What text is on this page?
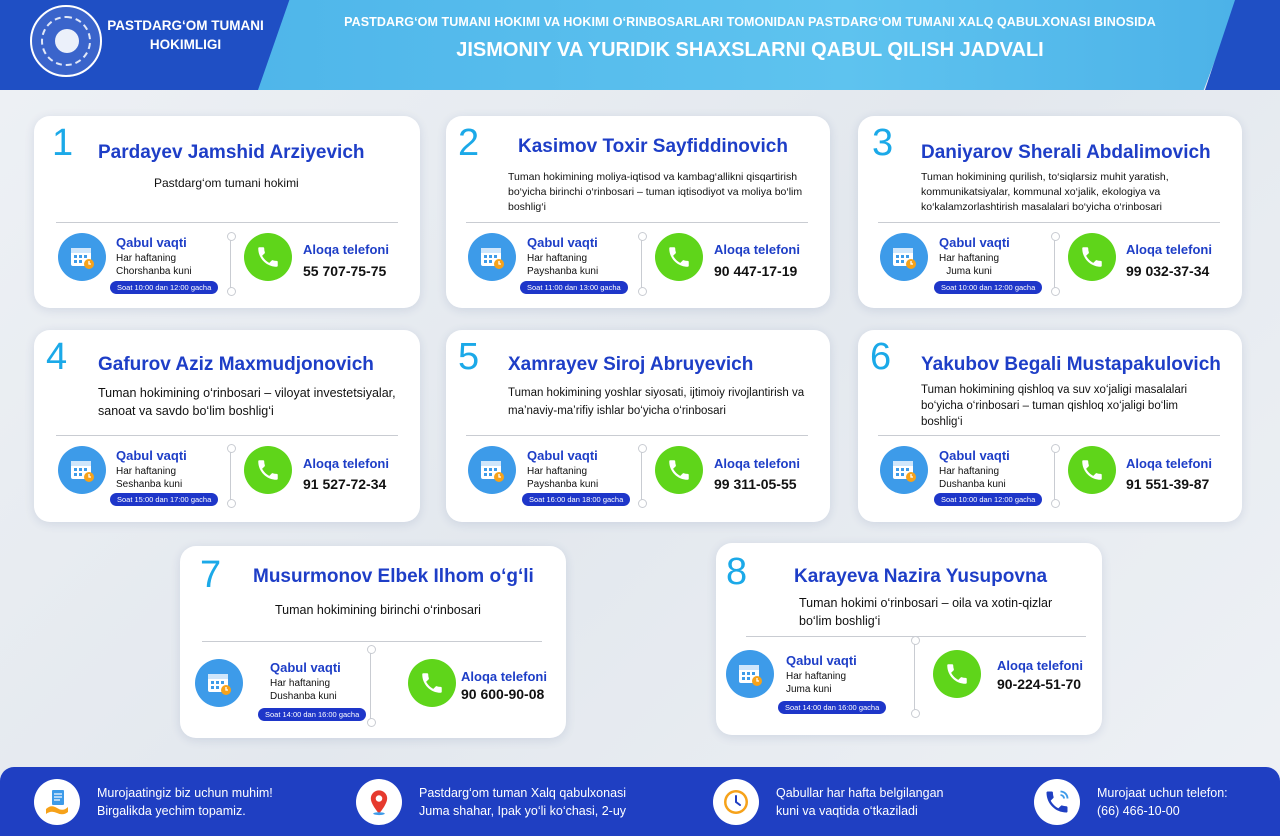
PASTDARG‘OM TUMANI
HOKIMLIGI
PASTDARG‘OM TUMANI HOKIMI VA HOKIMI O‘RINBOSARLARI TOMONIDAN PASTDARG‘OM TUMANI XALQ QABULXONASI BINOSIDA
JISMONIY VA YURIDIK SHAXSLARNI QABUL QILISH JADVALI
1 Pardayev Jamshid Arziyevich
Pastdarg‘om tumani hokimi
Qabul vaqti
Har haftaning
Chorshanba kuni
Soat 10:00 dan 12:00 gacha
Aloqa telefoni
55 707-75-75
2 Kasimov Toxir Sayfiddinovich
Tuman hokimining moliya-iqtisod va kambag‘allikni qisqartirish bo‘yicha birinchi o‘rinbosari – tuman iqtisodiyot va moliya bo‘lim boshlig‘i
Qabul vaqti
Har haftaning
Payshanba kuni
Soat 11:00 dan 13:00 gacha
Aloqa telefoni
90 447-17-19
3 Daniyarov Sherali Abdalimovich
Tuman hokimining qurilish, to‘siqlarsiz muhit yaratish, kommunikatsiyalar, kommunal xo‘jalik, ekologiya va ko‘kalamzorlashtirish masalalari bo‘yicha o‘rinbosari
Qabul vaqti
Har haftaning
Juma kuni
Soat 10:00 dan 12:00 gacha
Aloqa telefoni
99 032-37-34
4 Gafurov Aziz Maxmudjonovich
Tuman hokimining o‘rinbosari – viloyat investetsiyalar, sanoat va savdo bo‘lim boshlig‘i
Qabul vaqti
Har haftaning
Seshanba kuni
Soat 15:00 dan 17:00 gacha
Aloqa telefoni
91 527-72-34
5 Xamrayev Siroj Abruyevich
Tuman hokimining yoshlar siyosati, ijtimoiy rivojlantirish va ma’naviy-ma’rifiy ishlar bo‘yicha o‘rinbosari
Qabul vaqti
Har haftaning
Payshanba kuni
Soat 16:00 dan 18:00 gacha
Aloqa telefoni
99 311-05-55
6 Yakubov Begali Mustapakulovich
Tuman hokimining qishloq va suv xo‘jaligi masalalari bo‘yicha o‘rinbosari – tuman qishloq xo‘jaligi bo‘lim boshlig‘i
Qabul vaqti
Har haftaning
Dushanba kuni
Soat 10:00 dan 12:00 gacha
Aloqa telefoni
91 551-39-87
7 Musurmonov Elbek Ilhom o‘g‘li
Tuman hokimining birinchi o‘rinbosari
Qabul vaqti
Har haftaning
Dushanba kuni
Soat 14:00 dan 16:00 gacha
Aloqa telefoni
90 600-90-08
8 Karayeva Nazira Yusupovna
Tuman hokimi o‘rinbosari – oila va xotin-qizlar bo‘lim boshlig‘i
Qabul vaqti
Har haftaning
Juma kuni
Soat 14:00 dan 16:00 gacha
Aloqa telefoni
90-224-51-70
Murojaatingiz biz uchun muhim!
Birgalikda yechim topamiz.
Pastdarg‘om tuman Xalq qabulxonasi
Juma shahar, Ipak yo‘li ko‘chasi, 2-uy
Qabullar har hafta belgilangan
kuni va vaqtida o‘tkaziladi
Murojaat uchun telefon:
(66) 466-10-00
